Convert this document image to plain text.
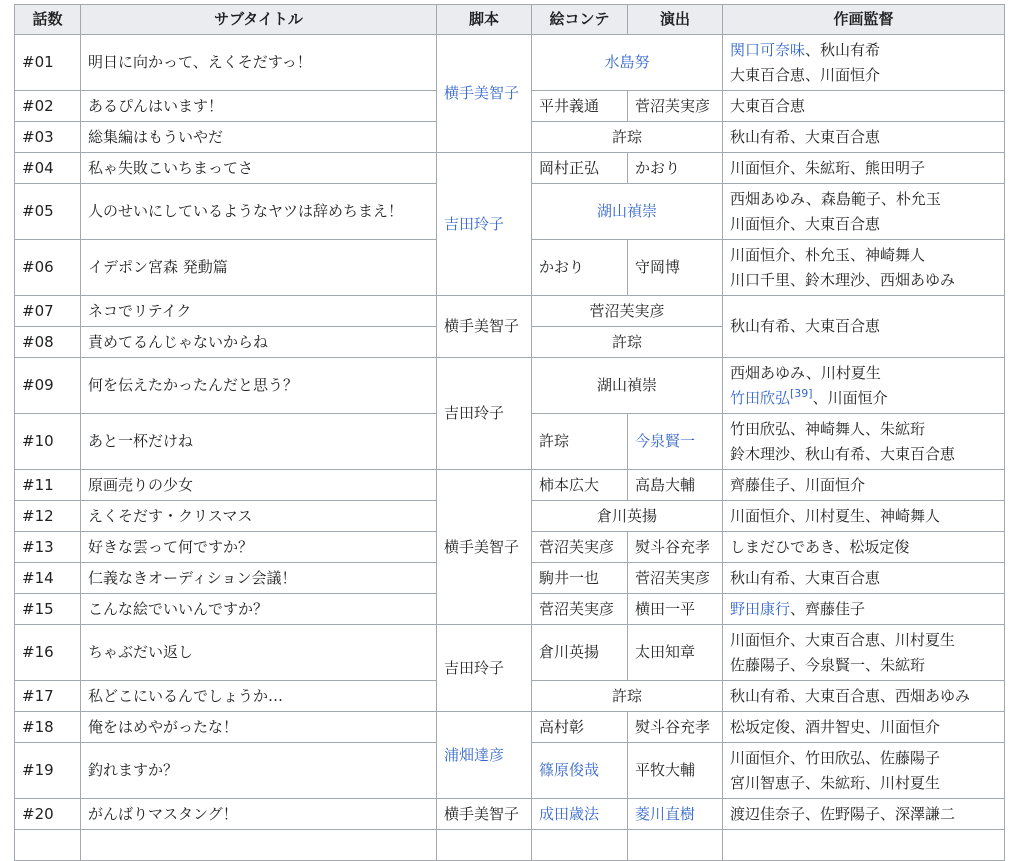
話数	サブタイトル	脚本	絵コンテ	演出	作画監督
#01	明日に向かって、えくそだすっ！	横手美智子	水島努		関口可奈味、秋山有希
大東百合恵、川面恒介

#02	あるぴんはいます！		平井義通	菅沼芙実彦	大東百合恵
#03	総集編はもういやだ		許琮		秋山有希、大東百合恵
#04	私ゃ失敗こいちまってさ	吉田玲子	岡村正弘	かおり	川面恒介、朱絋珩、熊田明子
#05	人のせいにしているようなヤツは辞めちまえ！		湖山禎崇		西畑あゆみ、森島範子、朴允玉
川面恒介、大東百合恵

#06	イデポン宮森 発動篇		かおり	守岡博	川面恒介、朴允玉、神崎舞人
川口千里、鈴木理沙、西畑あゆみ

#07	ネコでリテイク	横手美智子	菅沼芙実彦		秋山有希、大東百合恵
#08	責めてるんじゃないからね		許琮		
#09	何を伝えたかったんだと思う？	吉田玲子	湖山禎崇		西畑あゆみ、川村夏生
竹田欣弘[39]、川面恒介

#10	あと一杯だけね		許琮	今泉賢一	竹田欣弘、神崎舞人、朱絋珩
鈴木理沙、秋山有希、大東百合恵

#11	原画売りの少女	横手美智子	柿本広大	高島大輔	齊藤佳子、川面恒介
#12	えくそだす・クリスマス		倉川英揚		川面恒介、川村夏生、神崎舞人
#13	好きな雲って何ですか？		菅沼芙実彦	熨斗谷充孝	しまだひであき、松坂定俊
#14	仁義なきオーディション会議！		駒井一也	菅沼芙実彦	秋山有希、大東百合恵
#15	こんな絵でいいんですか？		菅沼芙実彦	横田一平	野田康行、齊藤佳子
#16	ちゃぶだい返し	吉田玲子	倉川英揚	太田知章	川面恒介、大東百合恵、川村夏生
佐藤陽子、今泉賢一、朱絋珩

#17	私どこにいるんでしょうか…		許琮		秋山有希、大東百合恵、西畑あゆみ
#18	俺をはめやがったな！	浦畑達彦	高村彰	熨斗谷充孝	松坂定俊、酒井智史、川面恒介
#19	釣れますか？		篠原俊哉	平牧大輔	川面恒介、竹田欣弘、佐藤陽子
宮川智恵子、朱絋珩、川村夏生

#20	がんばりマスタング！	横手美智子	成田歳法	菱川直樹	渡辺佳奈子、佐野陽子、深澤謙二
